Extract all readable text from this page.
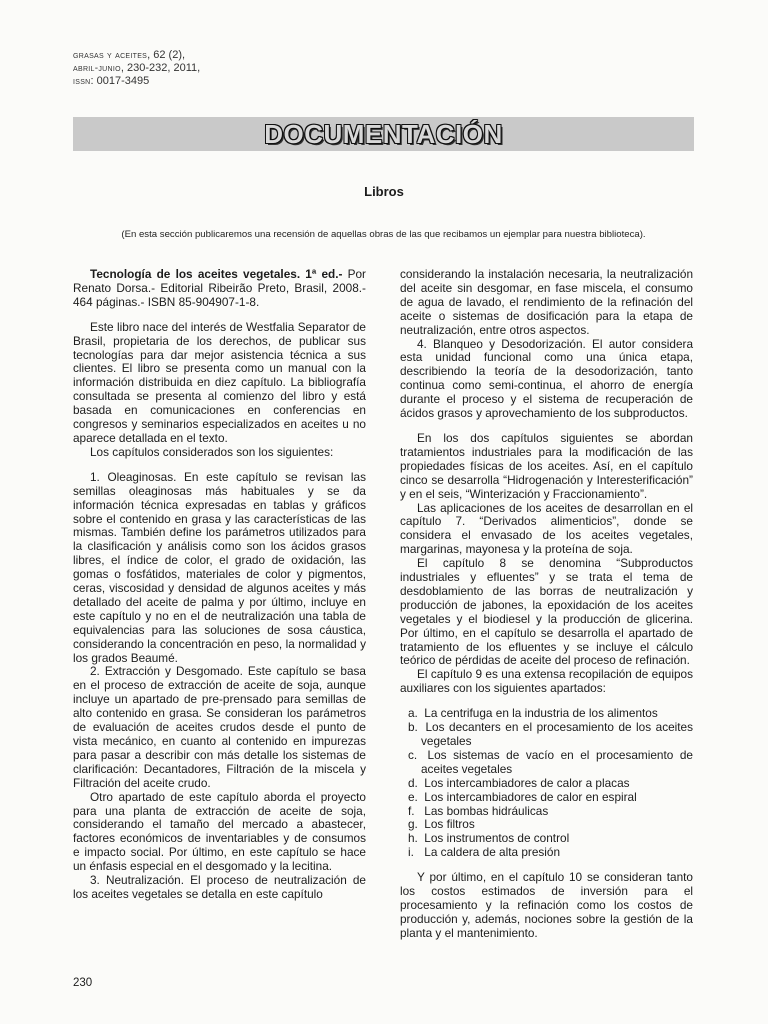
grasas y aceites, 62 (2),
abril-junio, 230-232, 2011,
issn: 0017-3495
DOCUMENTACIÓN
Libros
(En esta sección publicaremos una recensión de aquellas obras de las que recibamos un ejemplar para nuestra biblioteca).

Tecnología de los aceites vegetales. 1ª ed.- Por Renato Dorsa.- Editorial Ribeirão Preto, Brasil, 2008.- 464 páginas.- ISBN 85-904907-1-8.

Este libro nace del interés de Westfalia Separator de Brasil, propietaria de los derechos, de publicar sus tecnologías para dar mejor asistencia técnica a sus clientes. El libro se presenta como un manual con la información distribuida en diez capítulo. La bibliografía consultada se presenta al comienzo del libro y está basada en comunicaciones en conferencias en congresos y seminarios especializados en aceites u no aparece detallada en el texto.

Los capítulos considerados son los siguientes:

1. Oleaginosas. En este capítulo se revisan las semillas oleaginosas más habituales y se da información técnica expresadas en tablas y gráficos sobre el contenido en grasa y las características de las mismas. También define los parámetros utilizados para la clasificación y análisis como son los ácidos grasos libres, el índice de color, el grado de oxidación, las gomas o fosfátidos, materiales de color y pigmentos, ceras, viscosidad y densidad de algunos aceites y más detallado del aceite de palma y por último, incluye en este capítulo y no en el de neutralización una tabla de equivalencias para las soluciones de sosa cáustica, considerando la concentración en peso, la normalidad y los grados Beaumé.

2. Extracción y Desgomado. Este capítulo se basa en el proceso de extracción de aceite de soja, aunque incluye un apartado de pre-prensado para semillas de alto contenido en grasa. Se consideran los parámetros de evaluación de aceites crudos desde el punto de vista mecánico, en cuanto al contenido en impurezas para pasar a describir con más detalle los sistemas de clarificación: Decantadores, Filtración de la miscela y Filtración del aceite crudo.

Otro apartado de este capítulo aborda el proyecto para una planta de extracción de aceite de soja, considerando el tamaño del mercado a abastecer, factores económicos de inventariables y de consumos e impacto social. Por último, en este capítulo se hace un énfasis especial en el desgomado y la lecitina.

3. Neutralización. El proceso de neutralización de los aceites vegetales se detalla en este capítulo

considerando la instalación necesaria, la neutralización del aceite sin desgomar, en fase miscela, el consumo de agua de lavado, el rendimiento de la refinación del aceite o sistemas de dosificación para la etapa de neutralización, entre otros aspectos.

4. Blanqueo y Desodorización. El autor considera esta unidad funcional como una única etapa, describiendo la teoría de la desodorización, tanto continua como semi-continua, el ahorro de energía durante el proceso y el sistema de recuperación de ácidos grasos y aprovechamiento de los subproductos.

En los dos capítulos siguientes se abordan tratamientos industriales para la modificación de las propiedades físicas de los aceites. Así, en el capítulo cinco se desarrolla “Hidrogenación y Interesterificación” y en el seis, “Winterización y Fraccionamiento”.

Las aplicaciones de los aceites de desarrollan en el capítulo 7. “Derivados alimenticios”, donde se considera el envasado de los aceites vegetales, margarinas, mayonesa y la proteína de soja.

El capítulo 8 se denomina “Subproductos industriales y efluentes” y se trata el tema de desdoblamiento de las borras de neutralización y producción de jabones, la epoxidación de los aceites vegetales y el biodiesel y la producción de glicerina. Por último, en el capítulo se desarrolla el apartado de tratamiento de los efluentes y se incluye el cálculo teórico de pérdidas de aceite del proceso de refinación.

El capítulo 9 es una extensa recopilación de equipos auxiliares con los siguientes apartados:

a. La centrifuga en la industria de los alimentos
b. Los decanters en el procesamiento de los aceites vegetales
c. Los sistemas de vacío en el procesamiento de aceites vegetales
d. Los intercambiadores de calor a placas
e. Los intercambiadores de calor en espiral
f. Las bombas hidráulicas
g. Los filtros
h. Los instrumentos de control
i. La caldera de alta presión

Y por último, en el capítulo 10 se consideran tanto los costos estimados de inversión para el procesamiento y la refinación como los costos de producción y, además, nociones sobre la gestión de la planta y el mantenimiento.

230
